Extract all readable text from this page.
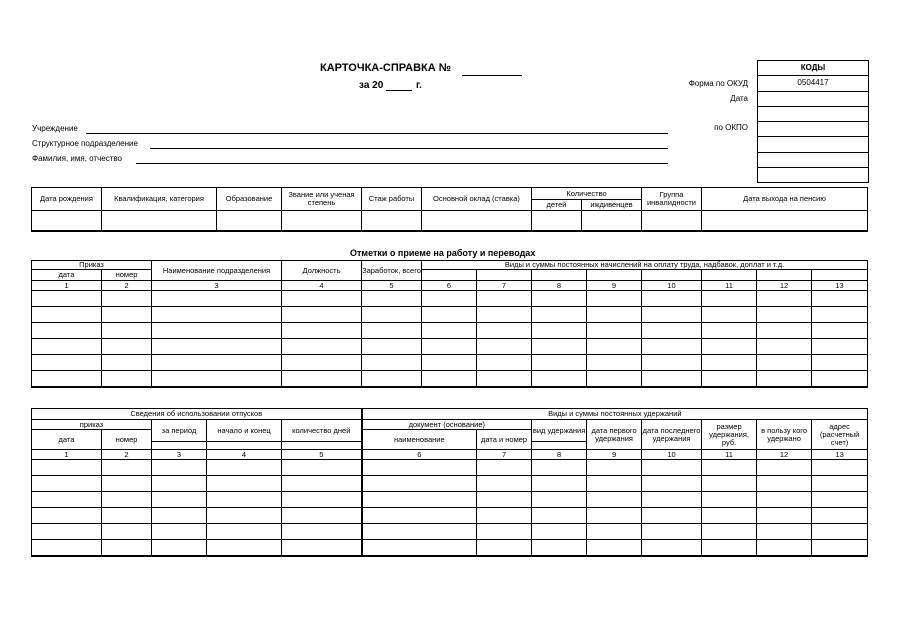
КАРТОЧКА-СПРАВКА №
за 20	г.	Форма по ОКУД
Дата
по ОКПО
КОДЫ
0504417
Учреждение
Структурное подразделение
Фамилия, имя, отчество
Дата рождения	Квалификация, категория	Образование	Звание или ученая степень	Стаж работы	Основной оклад (ставка)	Количество		Группа инвалидности	Дата выхода на пенсию
						детей	иждивенцев		

Отметки о приеме на работу и переводах
Приказ		Наименование подразделения	Должность	Заработок, всего	Виды и суммы постоянных начислений на оплату труда, надбавок, доплат и т.д.							
дата	номер											
1	2	3	4	5	6	7	8	9	10	11	12	13

Сведения об использовании отпусков					Виды и суммы постоянных удержаний							
приказ		за период	начало и конец	количество дней	документ (основание)		вид удержания	дата первого удержания	дата последнего удержания	размер удержания, руб.	в пользу кого удержано	адрес (расчетный счет)
дата	номер				наименование	дата и номер						

1	2	3	4	5	6	7	8	9	10	11	12	13
